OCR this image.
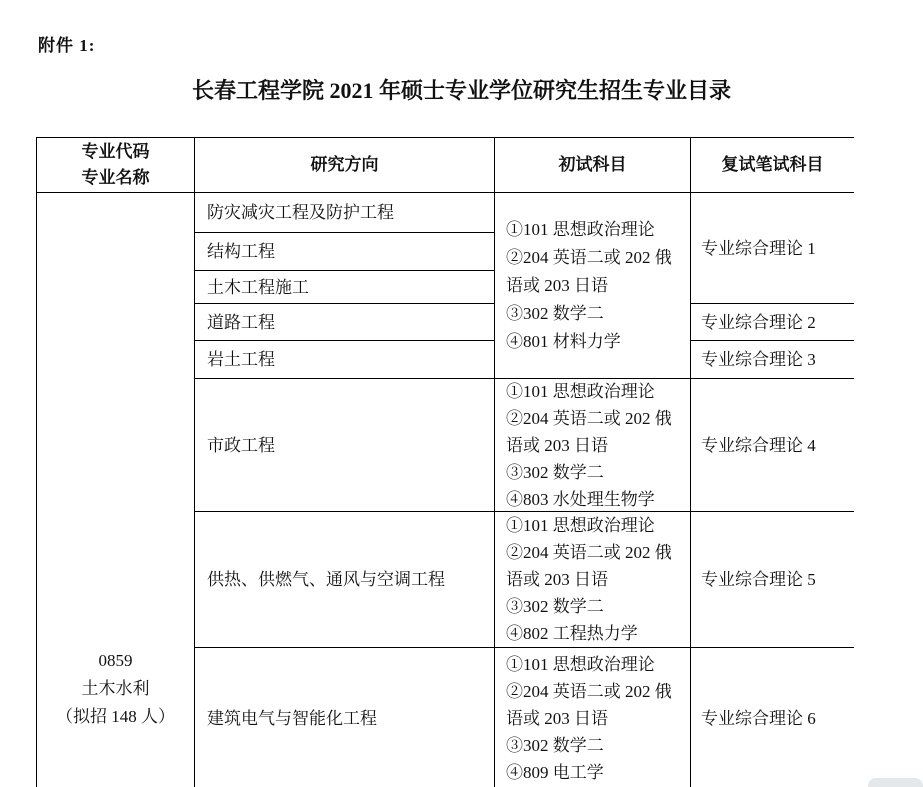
附件 1:
长春工程学院 2021 年硕士专业学位研究生招生专业目录
专业代码
专业名称
研究方向	初试科目	复试笔试科目
0859
土木水利
（拟招 148 人）
防灾减灾工程及防护工程
结构工程
土木工程施工
道路工程
岩土工程
①101 思想政治理论
②204 英语二或 202 俄
语或 203 日语
③302 数学二
④801 材料力学
专业综合理论 1
专业综合理论 2
专业综合理论 3
市政工程
①101 思想政治理论
②204 英语二或 202 俄
语或 203 日语
③302 数学二
④803 水处理生物学
专业综合理论 4
供热、供燃气、通风与空调工程
①101 思想政治理论
②204 英语二或 202 俄
语或 203 日语
③302 数学二
④802 工程热力学
专业综合理论 5
建筑电气与智能化工程
①101 思想政治理论
②204 英语二或 202 俄
语或 203 日语
③302 数学二
④809 电工学
专业综合理论 6
